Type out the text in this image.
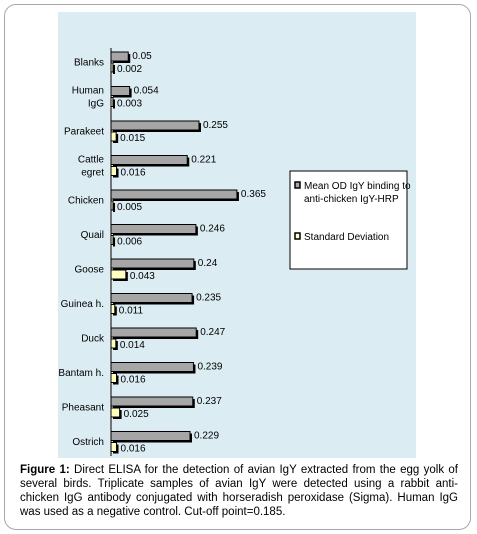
0.05
0.002
Blanks
0.054
0.003
Human
IgG
0.255
0.015
Parakeet
0.221
0.016
Cattle
egret
0.365
0.005
Chicken
0.246
0.006
Quail
0.24
0.043
Goose
0.235
0.011
Guinea h.
0.247
0.014
Duck
0.239
0.016
Bantam h.
0.237
0.025
Pheasant
0.229
0.016
Ostrich
Mean OD IgY binding to
anti-chicken IgY-HRP
Standard Deviation
Figure 1: Direct ELISA for the detection of avian IgY extracted from the egg yolk of several birds. Triplicate samples of avian IgY were detected using a rabbit anti-chicken IgG antibody conjugated with horseradish peroxidase (Sigma). Human IgG was used as a negative control. Cut-off point=0.185.
